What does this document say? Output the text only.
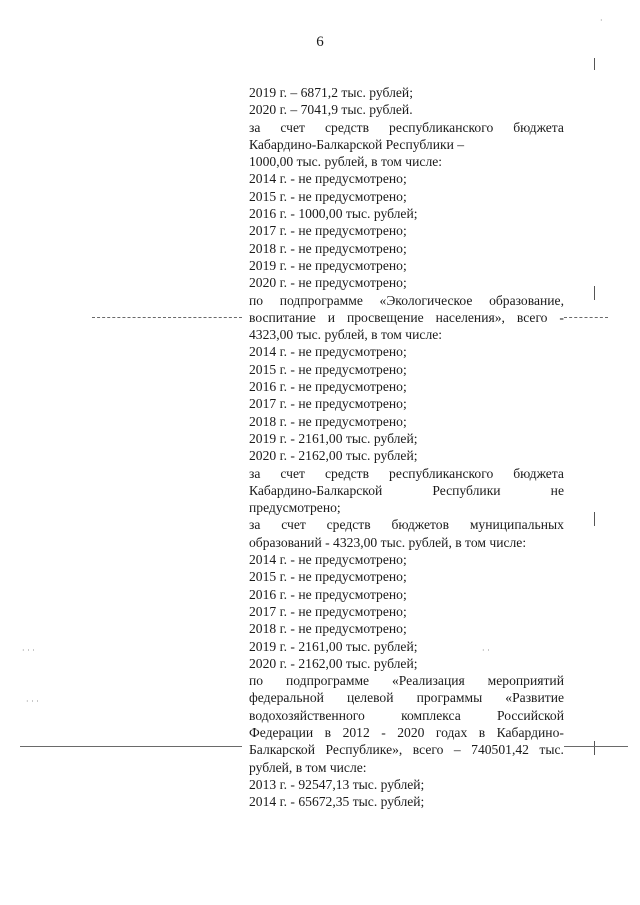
6
· · ·
· · ·
· ·
·
2019 г. – 6871,2 тыс. рублей;
2020 г. – 7041,9 тыс. рублей.
за счет средств республиканского бюджета
Кабардино-Балкарской Республики –
1000,00 тыс. рублей, в том числе:
2014 г. - не предусмотрено;
2015 г. - не предусмотрено;
2016 г. - 1000,00 тыс. рублей;
2017 г. - не предусмотрено;
2018 г. - не предусмотрено;
2019 г. - не предусмотрено;
2020 г. - не предусмотрено;
по подпрограмме «Экологическое образование,
воспитание и просвещение населения», всего -
4323,00 тыс. рублей, в том числе:
2014 г. - не предусмотрено;
2015 г. - не предусмотрено;
2016 г. - не предусмотрено;
2017 г. - не предусмотрено;
2018 г. - не предусмотрено;
2019 г. - 2161,00 тыс. рублей;
2020 г. - 2162,00 тыс. рублей;
за счет средств республиканского бюджета
Кабардино-Балкарской	Республики	не
предусмотрено;
за счет средств бюджетов муниципальных
образований - 4323,00 тыс. рублей, в том числе:
2014 г. - не предусмотрено;
2015 г. - не предусмотрено;
2016 г. - не предусмотрено;
2017 г. - не предусмотрено;
2018 г. - не предусмотрено;
2019 г. - 2161,00 тыс. рублей;
2020 г. - 2162,00 тыс. рублей;
по подпрограмме «Реализация мероприятий
федеральной целевой программы «Развитие
водохозяйственного	комплекса	Российской
Федерации в 2012 - 2020 годах в Кабардино-
Балкарской Республике», всего – 740501,42 тыс.
рублей, в том числе:
2013 г. - 92547,13 тыс. рублей;
2014 г. - 65672,35 тыс. рублей;
